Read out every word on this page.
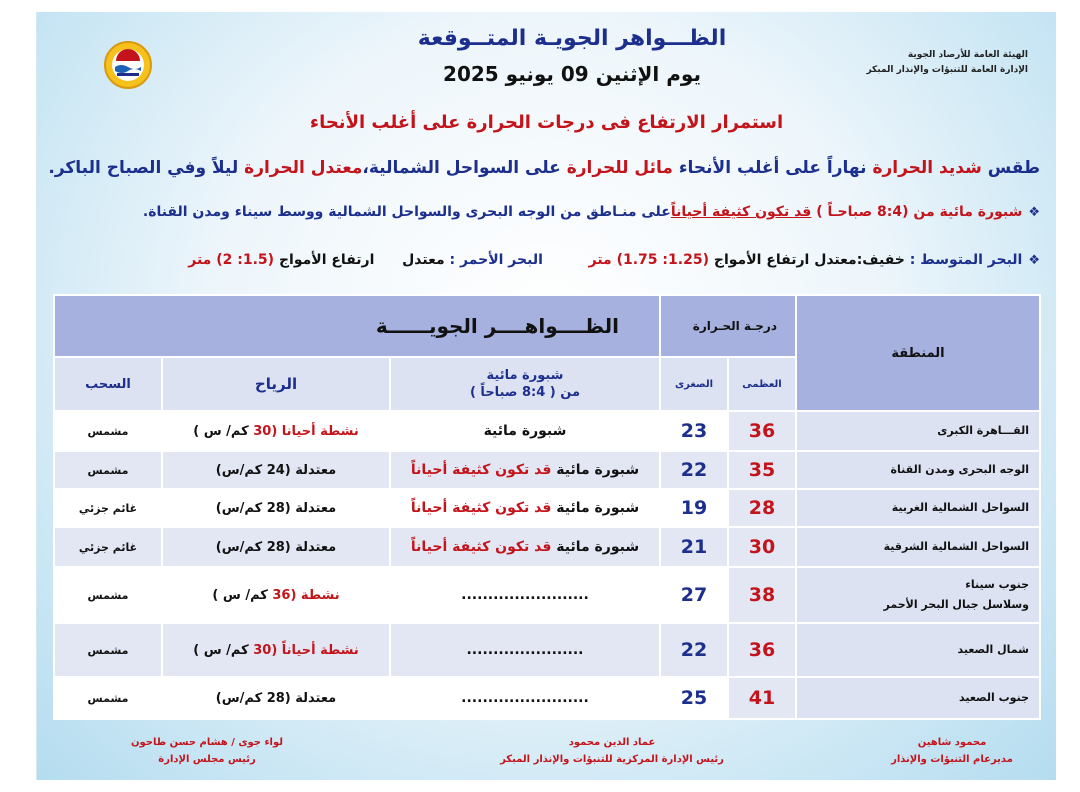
الظـــواهر الجويـة المتــوقعة
يوم الإثنين 09 يونيو 2025
الهيئة العامة للأرصاد الجوية
الإدارة العامة للتنبؤات والإنذار المبكر
استمرار الارتفاع فى درجات الحرارة على أغلب الأنحاء
طقس شديد الحرارة نهاراً على أغلب الأنحاء مائل للحرارة على السواحل الشمالية،معتدل الحرارة ليلاً وفي الصباح الباكر.
❖شبورة مائية من (8:4 صباحـاً ) قد تكون كثيفة أحياناًعلى منـاطق من الوجه البحرى والسواحل الشمالية ووسط سيناء ومدن القناة.
❖البحر المتوسط : خفيف:معتدل ارتفاع الأمواج (1.25: 1.75) متر  البحر الأحمر : معتدل  ارتفاع الأمواج (1.5: 2) متر
الظــــواهــــر الجويــــــة			درجـة الحـرارة		المنطقة
السحب	الرياح	شبورة مائية
من ( 8:4 صباحاً )	الصغرى	العظمى	
مشمس	نشطة أحيانا (30 كم/ س )	شبورة مائية	23	36	القـــاهرة الكبرى
مشمس	معتدلة (24 كم/س)	شبورة مائية قد تكون كثيفة أحياناً	22	35	الوجه البحرى ومدن القناة
غائم جزئي	معتدلة (28 كم/س)	شبورة مائية قد تكون كثيفة أحياناً	19	28	السواحل الشمالية الغربية
غائم جزئي	معتدلة (28 كم/س)	شبورة مائية قد تكون كثيفة أحياناً	21	30	السواحل الشمالية الشرقية
مشمس	نشطة (36 كم/ س )	........................	27	38	جنوب سيناء
وسلاسل جبال البحر الأحمر

مشمس	نشطة أحياناً (30 كم/ س )	......................	22	36	شمال الصعيد
مشمس	معتدلة (28 كم/س)	........................	25	41	جنوب الصعيد
لواء جوى / هشام حسن طاحون
رئيس مجلس الإدارة
عماد الدين محمود
رئيس الإدارة المركزية للتنبؤات والإنذار المبكر
محمود شاهين
مديرعام التنبؤات والإنذار
